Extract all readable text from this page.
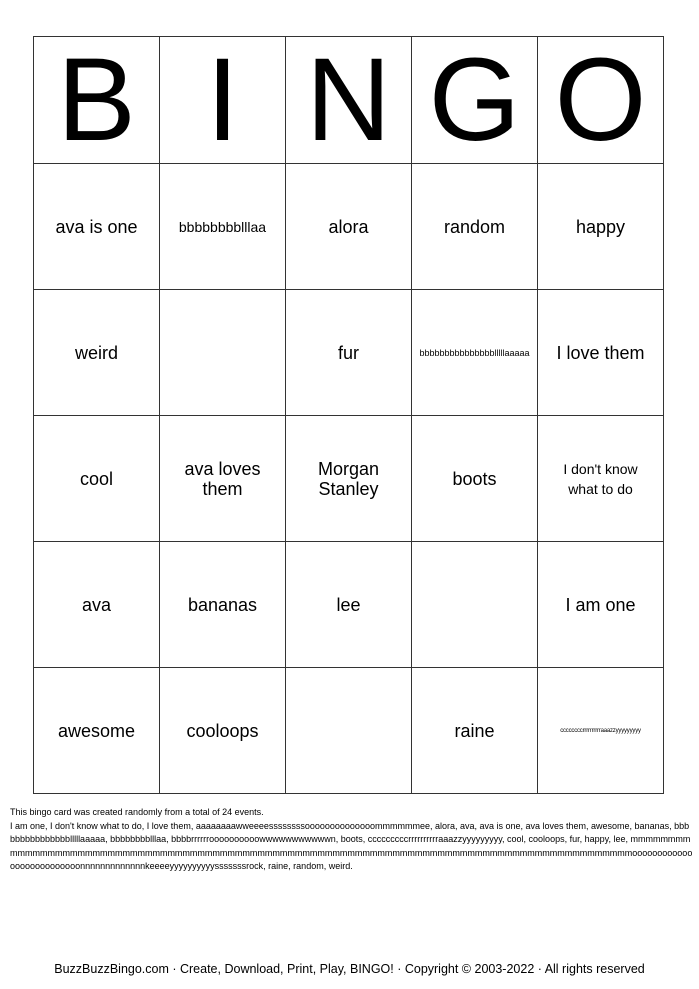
B	I	N	G	O
ava is one	bbbbbbbblllaa	alora	random	happy
weird		fur	bbbbbbbbbbbbbbblllllaaaaa	I love them
cool	ava loves them	Morgan Stanley	boots	I don't know what to do
ava	bananas	lee		I am one
awesome	cooloops		raine	ccccccccrrrrrrrrrraaazzyyyyyyyyy
This bingo card was created randomly from a total of 24 events.
I am one, I don't know what to do, I love them, aaaaaaaawweeeessssssssoooooooooooooommmmmmee, alora, ava, ava is one, ava loves them, awesome, bananas, bbbbbbbbbbbbbbblllllaaaaa, bbbbbbbblllaa, bbbbrrrrrroooooooooowwwwwwwwwwwn, boots, cccccccccrrrrrrrrrraaazzyyyyyyyyy, cool, cooloops, fur, happy, lee, mmmmmmmmmmmmmmmmmmmmmmmmmmmmmmmmmmmmmmmmmmmmmmmmmmmmmmmmmmmmmmmmmmmmmmmmmmmmmmmmmmmmmmmmmmmoooooooooooooooooooooooooonnnnnnnnnnnnnkeeeeyyyyyyyyyysssssssrock, raine, random, weird.
BuzzBuzzBingo.com · Create, Download, Print, Play, BINGO! · Copyright © 2003-2022 · All rights reserved
